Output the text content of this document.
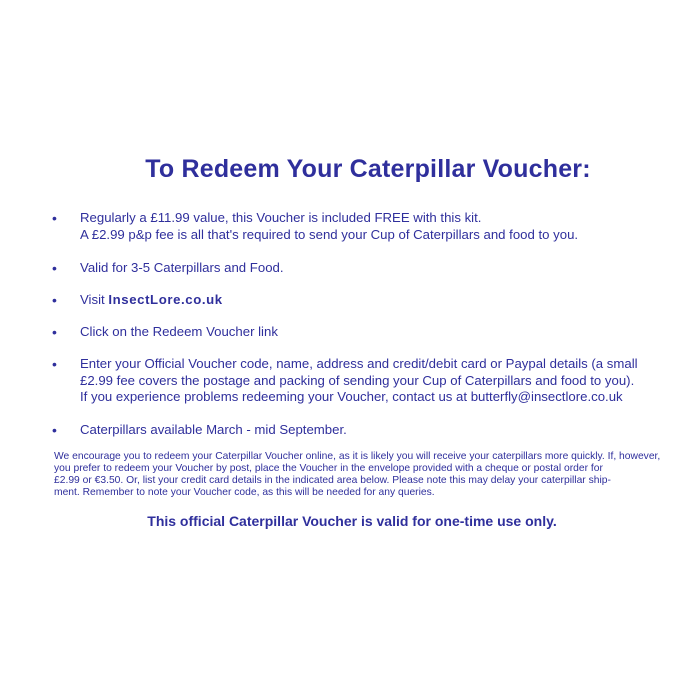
To Redeem Your Caterpillar Voucher:
• Regularly a £11.99 value, this Voucher is included FREE with this kit.
A £2.99 p&p fee is all that's required to send your Cup of Caterpillars and food to you.
• Valid for 3-5 Caterpillars and Food.
• Visit InsectLore.co.uk
• Click on the Redeem Voucher link
• Enter your Official Voucher code, name, address and credit/debit card or Paypal details (a small
£2.99 fee covers the postage and packing of sending your Cup of Caterpillars and food to you).
If you experience problems redeeming your Voucher, contact us at butterfly@insectlore.co.uk
• Caterpillars available March - mid September.
We encourage you to redeem your Caterpillar Voucher online, as it is likely you will receive your caterpillars more quickly. If, however,
you prefer to redeem your Voucher by post, place the Voucher in the envelope provided with a cheque or postal order for
£2.99 or €3.50. Or, list your credit card details in the indicated area below. Please note this may delay your caterpillar ship-
ment. Remember to note your Voucher code, as this will be needed for any queries.
This official Caterpillar Voucher is valid for one-time use only.
